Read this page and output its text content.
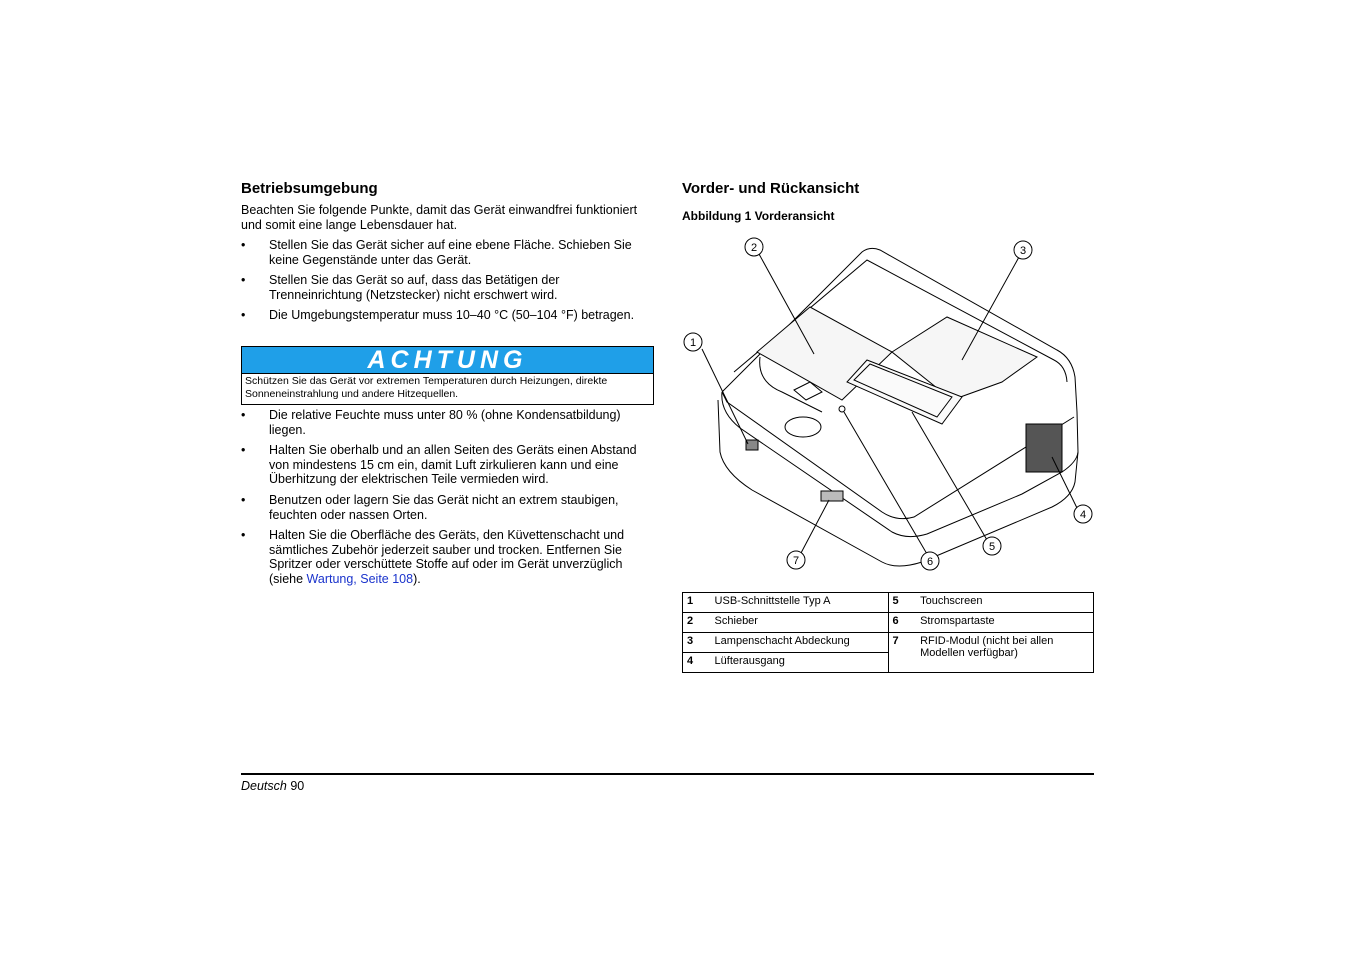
Betriebsumgebung

Beachten Sie folgende Punkte, damit das Gerät einwandfrei funktioniert und somit eine lange Lebensdauer hat.

• Stellen Sie das Gerät sicher auf eine ebene Fläche. Schieben Sie keine Gegenstände unter das Gerät.
• Stellen Sie das Gerät so auf, dass das Betätigen der Trenneinrichtung (Netzstecker) nicht erschwert wird.
• Die Umgebungstemperatur muss 10–40 °C (50–104 °F) betragen.
ACHTUNG
Schützen Sie das Gerät vor extremen Temperaturen durch Heizungen, direkte Sonneneinstrahlung und andere Hitzequellen.
• Die relative Feuchte muss unter 80 % (ohne Kondensatbildung) liegen.
• Halten Sie oberhalb und an allen Seiten des Geräts einen Abstand von mindestens 15 cm ein, damit Luft zirkulieren kann und eine Überhitzung der elektrischen Teile vermieden wird.
• Benutzen oder lagern Sie das Gerät nicht an extrem staubigen, feuchten oder nassen Orten.
• Halten Sie die Oberfläche des Geräts, den Küvettenschacht und sämtliches Zubehör jederzeit sauber und trocken. Entfernen Sie Spritzer oder verschüttete Stoffe auf oder im Gerät unverzüglich (siehe Wartung, Seite 108).
Vorder- und Rückansicht
Abbildung 1 Vorderansicht
1
2	3
4
5
6
7
1	USB-Schnittstelle Typ A	5	Touchscreen
2	Schieber	6	Stromspartaste
3	Lampenschacht Abdeckung	7	RFID-Modul (nicht bei allen Modellen verfügbar)
4	Lüfterausgang		
Deutsch 90
